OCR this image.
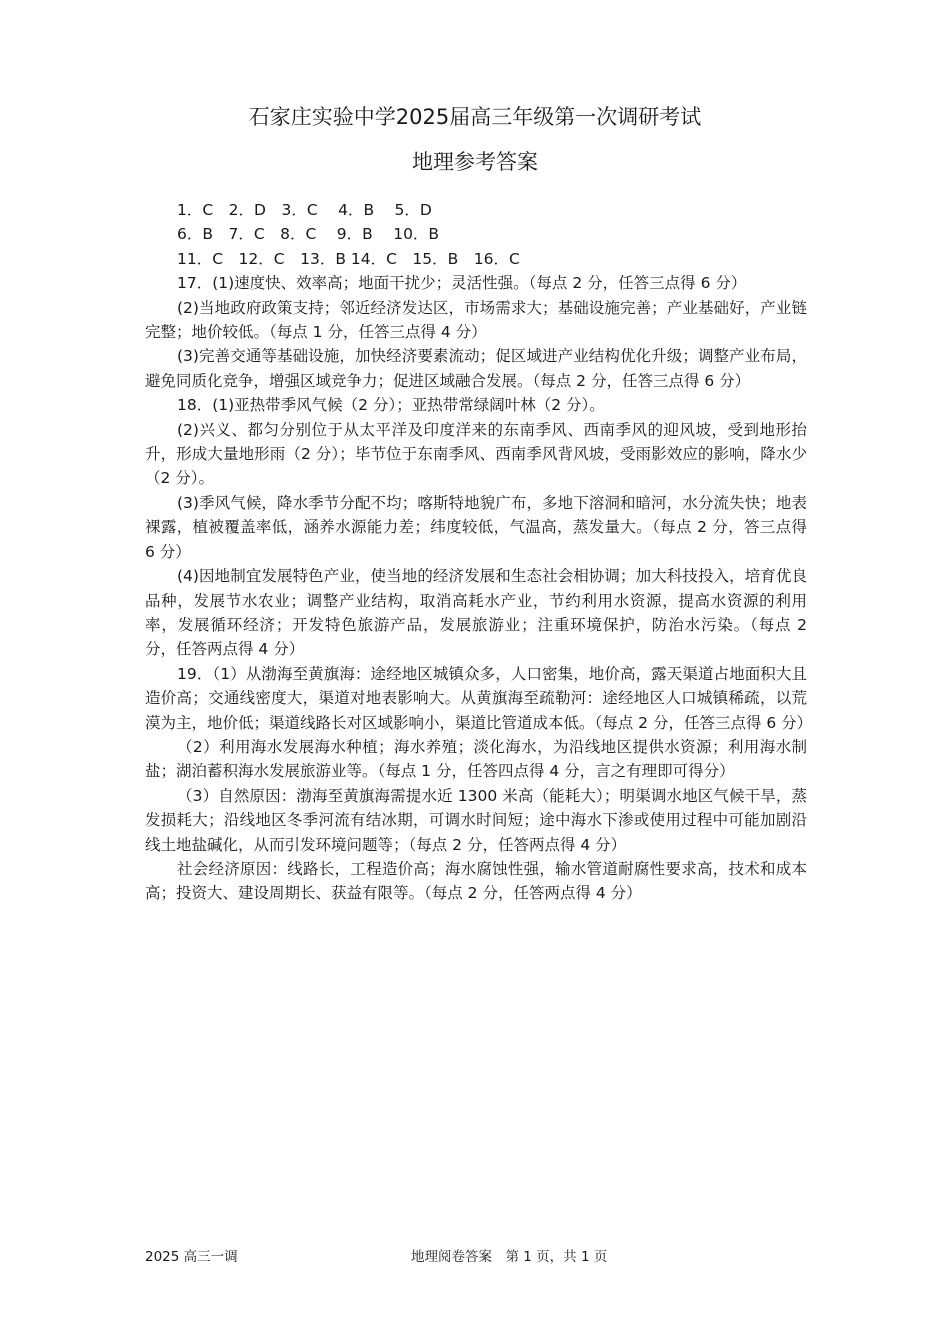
石家庄实验中学2025届高三年级第一次调研考试
地理参考答案

1．C　2．D　3．C　 4．B　 5．D

6．B　7．C　8．C　 9．B　 10．B

11．C　12．C　13．B 14．C　15．B　16．C

17．(1)速度快、效率高；地面干扰少；灵活性强。（每点 2 分，任答三点得 6 分）

(2)当地政府政策支持；邻近经济发达区，市场需求大；基础设施完善；产业基础好，产业链完整；地价较低。（每点 1 分，任答三点得 4 分）

(3)完善交通等基础设施，加快经济要素流动；促区域进产业结构优化升级；调整产业布局，避免同质化竞争，增强区域竞争力；促进区域融合发展。（每点 2 分，任答三点得 6 分）

18．(1)亚热带季风气候（2 分）；亚热带常绿阔叶林（2 分）。

(2)兴义、都匀分别位于从太平洋及印度洋来的东南季风、西南季风的迎风坡，受到地形抬升，形成大量地形雨（2 分）；毕节位于东南季风、西南季风背风坡，受雨影效应的影响，降水少（2 分）。

(3)季风气候，降水季节分配不均；喀斯特地貌广布，多地下溶洞和暗河，水分流失快；地表裸露，植被覆盖率低，涵养水源能力差；纬度较低，气温高，蒸发量大。（每点 2 分，答三点得 6 分）

(4)因地制宜发展特色产业，使当地的经济发展和生态社会相协调；加大科技投入，培育优良品种，发展节水农业；调整产业结构，取消高耗水产业，节约利用水资源，提高水资源的利用率，发展循环经济；开发特色旅游产品，发展旅游业；注重环境保护，防治水污染。（每点 2 分，任答两点得 4 分）

19．（1）从渤海至黄旗海：途经地区城镇众多，人口密集，地价高，露天渠道占地面积大且造价高；交通线密度大，渠道对地表影响大。从黄旗海至疏勒河：途经地区人口城镇稀疏，以荒漠为主，地价低；渠道线路长对区域影响小，渠道比管道成本低。（每点 2 分，任答三点得 6 分）

（2）利用海水发展海水种植；海水养殖；淡化海水，为沿线地区提供水资源；利用海水制盐；湖泊蓄积海水发展旅游业等。（每点 1 分，任答四点得 4 分，言之有理即可得分）

（3）自然原因：渤海至黄旗海需提水近 1300 米高（能耗大）；明渠调水地区气候干旱，蒸发损耗大；沿线地区冬季河流有结冰期，可调水时间短；途中海水下渗或使用过程中可能加剧沿线土地盐碱化，从而引发环境问题等；（每点 2 分，任答两点得 4 分）

社会经济原因：线路长，工程造价高；海水腐蚀性强，输水管道耐腐性要求高，技术和成本高；投资大、建设周期长、获益有限等。（每点 2 分，任答两点得 4 分）

2025 高三一调	地理阅卷答案　第 1 页，共 1 页
